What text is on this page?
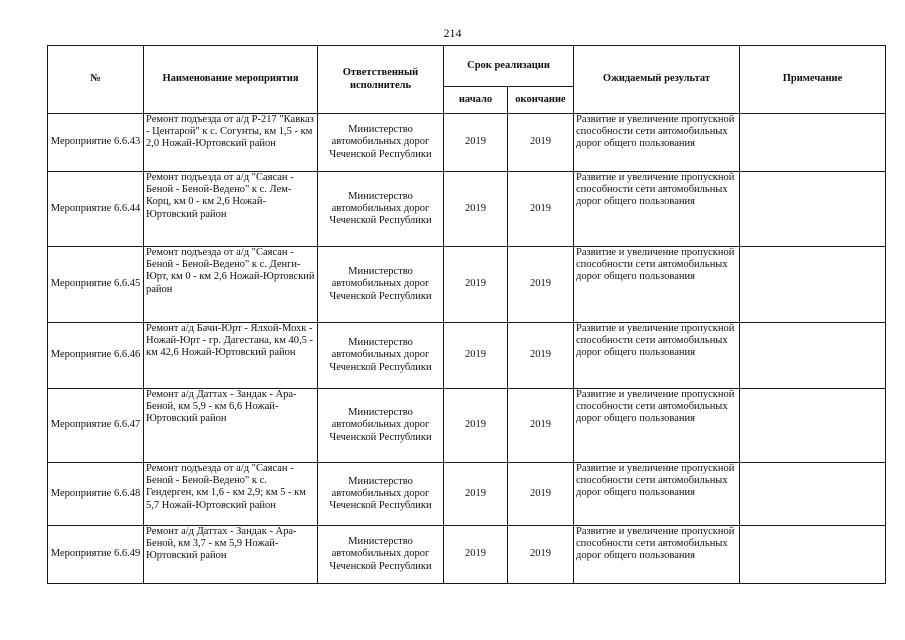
214
№	Наименование мероприятия	Ответственный исполнитель	Срок реализации		Ожидаемый результат	Примечание
			начало	окончание		
Мероприятие 6.6.43	Ремонт подъезда от а/д Р-217 "Кавказ - Центарой" к с. Согунты, км 1,5 - км 2,0 Ножай-Юртовский район	Министерство автомобильных дорог Чеченской Республики	2019	2019	Развитие и увеличение пропускной способности сети автомобильных дорог общего пользования	
Мероприятие 6.6.44	Ремонт подъезда от а/д "Саясан - Беной - Беной-Ведено" к с. Лем-Корц, км 0 - км 2,6 Ножай-Юртовский район	Министерство автомобильных дорог Чеченской Республики	2019	2019	Развитие и увеличение пропускной способности сети автомобильных дорог общего пользования	
Мероприятие 6.6.45	Ремонт подъезда от а/д "Саясан - Беной - Беной-Ведено" к с. Денги-Юрт, км 0 - км 2,6 Ножай-Юртовский район	Министерство автомобильных дорог Чеченской Республики	2019	2019	Развитие и увеличение пропускной способности сети автомобильных дорог общего пользования	
Мероприятие 6.6.46	Ремонт а/д Бачи-Юрт - Ялхой-Мохк - Ножай-Юрт - гр. Дагестана, км 40,5 - км 42,6 Ножай-Юртовский район	Министерство автомобильных дорог Чеченской Республики	2019	2019	Развитие и увеличение пропускной способности сети автомобильных дорог общего пользования	
Мероприятие 6.6.47	Ремонт а/д Даттах - Зандак - Ара-Беной, км 5,9 - км 6,6 Ножай-Юртовский район	Министерство автомобильных дорог Чеченской Республики	2019	2019	Развитие и увеличение пропускной способности сети автомобильных дорог общего пользования	
Мероприятие 6.6.48	Ремонт подъезда от а/д "Саясан - Беной - Беной-Ведено" к с. Гендерген, км 1,6 - км 2,9; км 5 - км 5,7 Ножай-Юртовский район	Министерство автомобильных дорог Чеченской Республики	2019	2019	Развитие и увеличение пропускной способности сети автомобильных дорог общего пользования	
Мероприятие 6.6.49	Ремонт а/д Даттах - Зандак - Ара-Беной, км 3,7 - км 5,9 Ножай-Юртовский район	Министерство автомобильных дорог Чеченской Республики	2019	2019	Развитие и увеличение пропускной способности сети автомобильных дорог общего пользования	
